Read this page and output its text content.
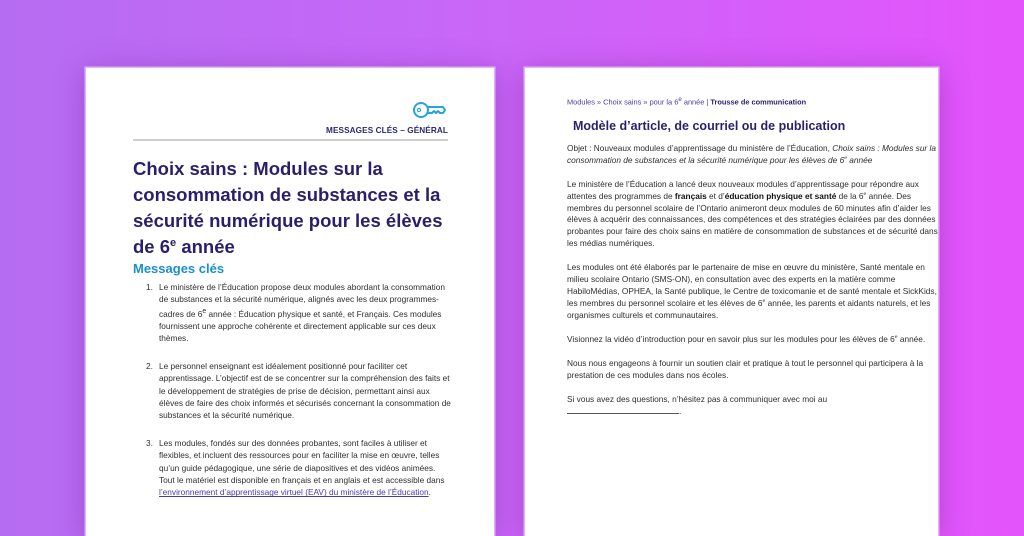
MESSAGES CLÉS – GÉNÉRAL
Choix sains : Modules sur la consommation de substances et la sécurité numérique pour les élèves de 6e année
Messages clés
1. Le ministère de l’Éducation propose deux modules abordant la consommation de substances et la sécurité numérique, alignés avec les deux programmes-cadres de 6e année : Éducation physique et santé, et Français. Ces modules fournissent une approche cohérente et directement applicable sur ces deux thèmes.
2. Le personnel enseignant est idéalement positionné pour faciliter cet apprentissage. L’objectif est de se concentrer sur la compréhension des faits et le développement de stratégies de prise de décision, permettant ainsi aux élèves de faire des choix informés et sécurisés concernant la consommation de substances et la sécurité numérique.
3. Les modules, fondés sur des données probantes, sont faciles à utiliser et flexibles, et incluent des ressources pour en faciliter la mise en œuvre, telles qu’un guide pédagogique, une série de diapositives et des vidéos animées. Tout le matériel est disponible en français et en anglais et est accessible dans l’environnement d’apprentissage virtuel (EAV) du ministère de l’Éducation.
Modules » Choix sains » pour la 6e année | Trousse de communication
Modèle d’article, de courriel ou de publication

Objet : Nouveaux modules d’apprentissage du ministère de l’Éducation, Choix sains : Modules sur la consommation de substances et la sécurité numérique pour les élèves de 6e année

Le ministère de l’Éducation a lancé deux nouveaux modules d’apprentissage pour répondre aux attentes des programmes de français et d’éducation physique et santé de la 6e année. Des membres du personnel scolaire de l’Ontario animeront deux modules de 60 minutes afin d’aider les élèves à acquérir des connaissances, des compétences et des stratégies éclairées par des données probantes pour faire des choix sains en matière de consommation de substances et de sécurité dans les médias numériques.

Les modules ont été élaborés par le partenaire de mise en œuvre du ministère, Santé mentale en milieu scolaire Ontario (SMS-ON), en consultation avec des experts en la matière comme HabiloMédias, OPHEA, la Santé publique, le Centre de toxicomanie et de santé mentale et SickKids, les membres du personnel scolaire et les élèves de 6e année, les parents et aidants naturels, et les organismes culturels et communautaires.

Visionnez la vidéo d’introduction pour en savoir plus sur les modules pour les élèves de 6e année.

Nous nous engageons à fournir un soutien clair et pratique à tout le personnel qui participera à la prestation de ces modules dans nos écoles.

Si vous avez des questions, n’hésitez pas à communiquer avec moi au
.
